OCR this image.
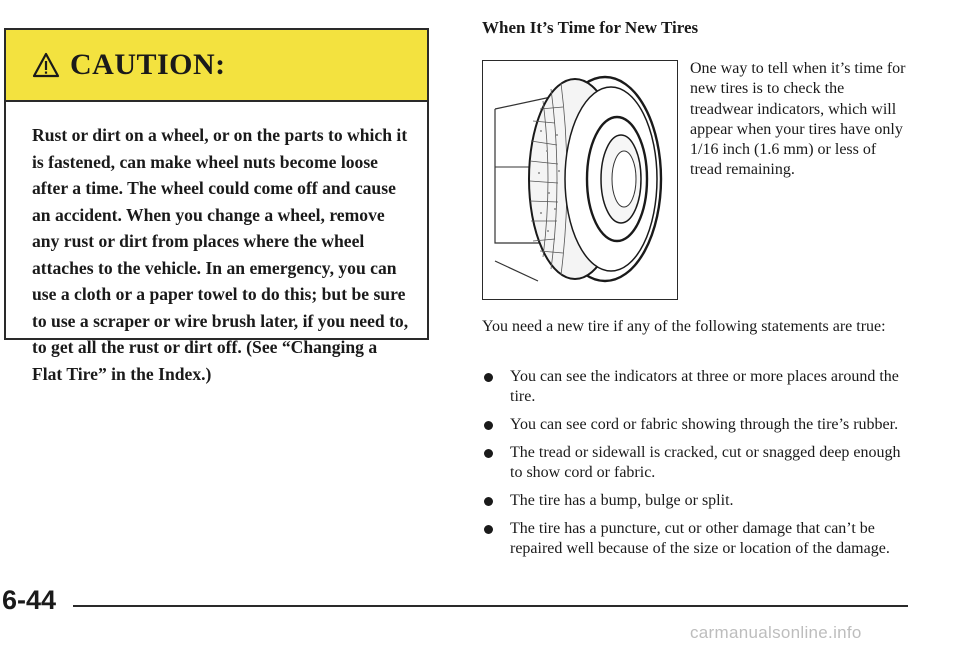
CAUTION:
Rust or dirt on a wheel, or on the parts to which it is fastened, can make wheel nuts become loose after a time. The wheel could come off and cause an accident. When you change a wheel, remove any rust or dirt from places where the wheel attaches to the vehicle. In an emergency, you can use a cloth or a paper towel to do this; but be sure to use a scraper or wire brush later, if you need to, to get all the rust or dirt off. (See “Changing a Flat Tire” in the Index.)
When It’s Time for New Tires
One way to tell when it’s time for new tires is to check the treadwear indicators, which will appear when your tires have only 1/16 inch (1.6 mm) or less of tread remaining.
You need a new tire if any of the following statements are true:
You can see the indicators at three or more places around the tire.
You can see cord or fabric showing through the tire’s rubber.
The tread or sidewall is cracked, cut or snagged deep enough to show cord or fabric.
The tire has a bump, bulge or split.
The tire has a puncture, cut or other damage that can’t be repaired well because of the size or location of the damage.
6-44
carmanualsonline.info
